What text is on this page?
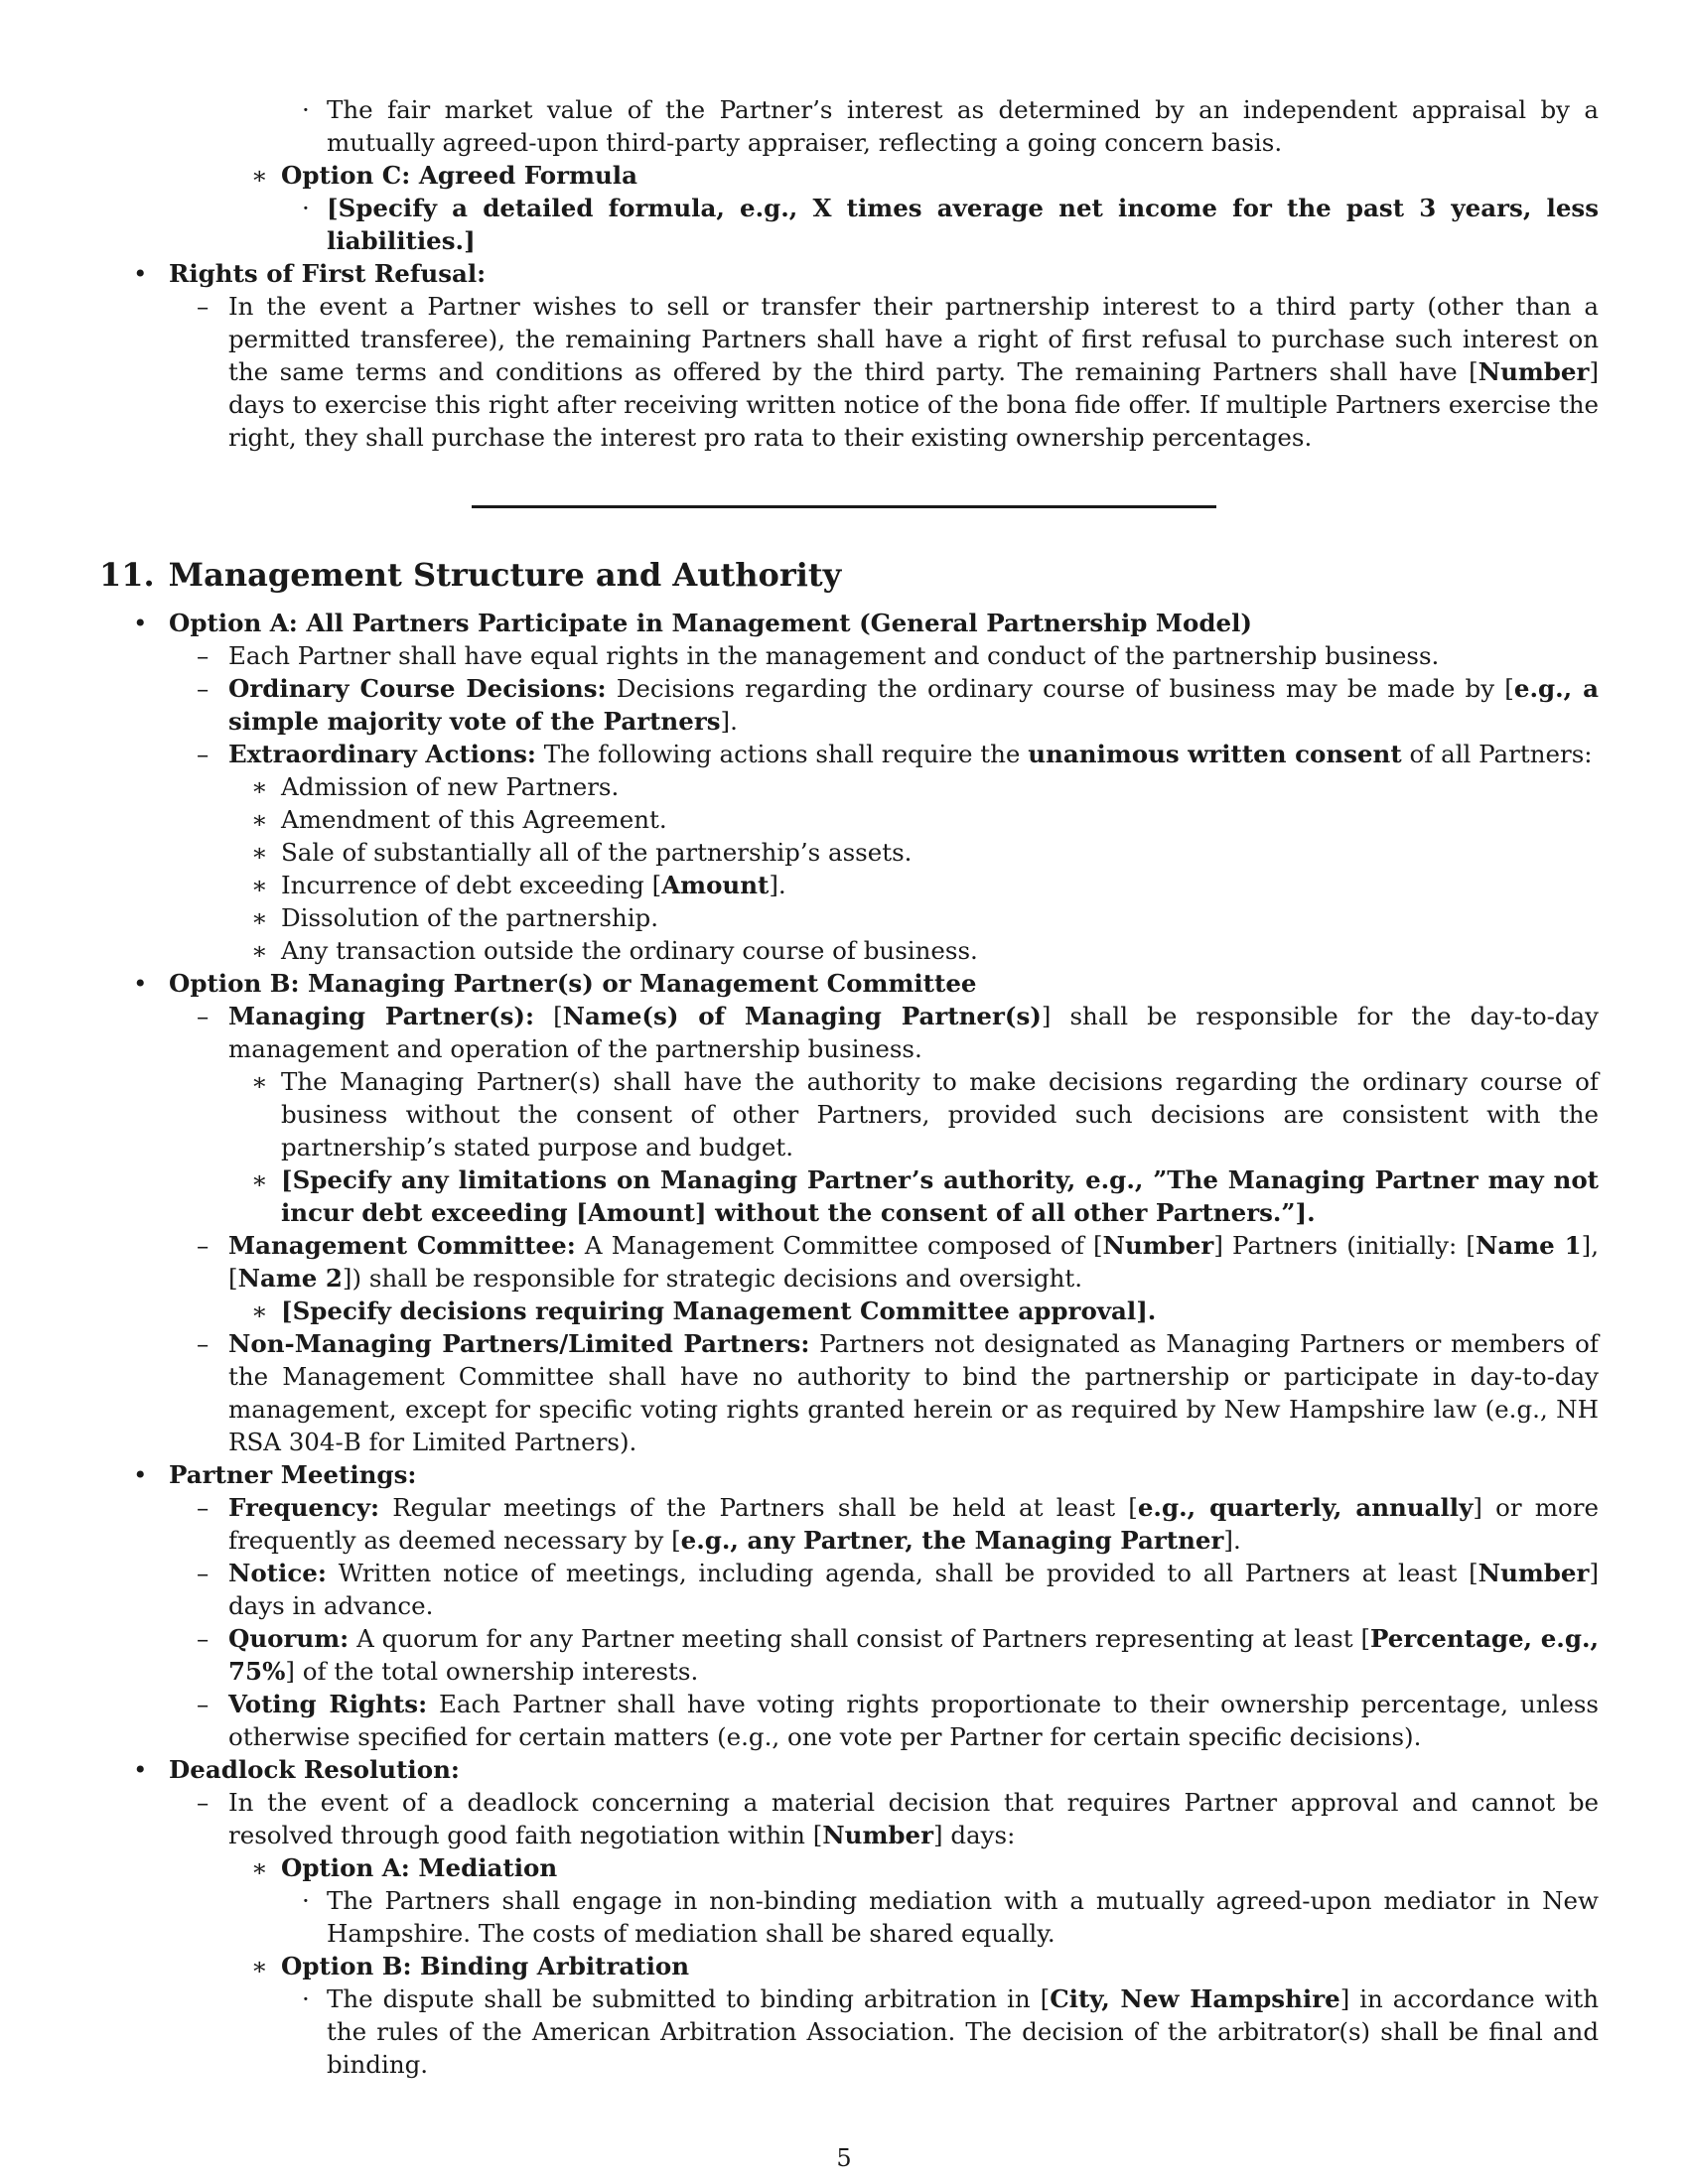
· The fair market value of the Partner’s interest as determined by an independent appraisal by a mutually agreed-upon third-party appraiser, reflecting a going concern basis.
∗ Option C: Agreed Formula
· [Specify a detailed formula, e.g., X times average net income for the past 3 years, less liabilities.]
• Rights of First Refusal:
– In the event a Partner wishes to sell or transfer their partnership interest to a third party (other than a permitted transferee), the remaining Partners shall have a right of first refusal to purchase such interest on the same terms and conditions as offered by the third party. The remaining Partners shall have [Number] days to exercise this right after receiving written notice of the bona fide offer. If multiple Partners exercise the right, they shall purchase the interest pro rata to their existing ownership percentages.
11. Management Structure and Authority
• Option A: All Partners Participate in Management (General Partnership Model)
– Each Partner shall have equal rights in the management and conduct of the partnership business.
– Ordinary Course Decisions: Decisions regarding the ordinary course of business may be made by [e.g., a simple majority vote of the Partners].
– Extraordinary Actions: The following actions shall require the unanimous written consent of all Partners:
∗ Admission of new Partners.
∗ Amendment of this Agreement.
∗ Sale of substantially all of the partnership’s assets.
∗ Incurrence of debt exceeding [Amount].
∗ Dissolution of the partnership.
∗ Any transaction outside the ordinary course of business.
• Option B: Managing Partner(s) or Management Committee
– Managing Partner(s): [Name(s) of Managing Partner(s)] shall be responsible for the day-to-day management and operation of the partnership business.
∗ The Managing Partner(s) shall have the authority to make decisions regarding the ordinary course of business without the consent of other Partners, provided such decisions are consistent with the partnership’s stated purpose and budget.
∗ [Specify any limitations on Managing Partner’s authority, e.g., ”The Managing Partner may not incur debt exceeding [Amount] without the consent of all other Partners.”].
– Management Committee: A Management Committee composed of [Number] Partners (initially: [Name 1], [Name 2]) shall be responsible for strategic decisions and oversight.
∗ [Specify decisions requiring Management Committee approval].
– Non-Managing Partners/Limited Partners: Partners not designated as Managing Partners or members of the Management Committee shall have no authority to bind the partnership or participate in day-to-day management, except for specific voting rights granted herein or as required by New Hampshire law (e.g., NH RSA 304-B for Limited Partners).
• Partner Meetings:
– Frequency: Regular meetings of the Partners shall be held at least [e.g., quarterly, annually] or more frequently as deemed necessary by [e.g., any Partner, the Managing Partner].
– Notice: Written notice of meetings, including agenda, shall be provided to all Partners at least [Number] days in advance.
– Quorum: A quorum for any Partner meeting shall consist of Partners representing at least [Percentage, e.g., 75%] of the total ownership interests.
– Voting Rights: Each Partner shall have voting rights proportionate to their ownership percentage, unless otherwise specified for certain matters (e.g., one vote per Partner for certain specific decisions).
• Deadlock Resolution:
– In the event of a deadlock concerning a material decision that requires Partner approval and cannot be resolved through good faith negotiation within [Number] days:
∗ Option A: Mediation
· The Partners shall engage in non-binding mediation with a mutually agreed-upon mediator in New Hampshire. The costs of mediation shall be shared equally.
∗ Option B: Binding Arbitration
· The dispute shall be submitted to binding arbitration in [City, New Hampshire] in accordance with the rules of the American Arbitration Association. The decision of the arbitrator(s) shall be final and binding.
5
